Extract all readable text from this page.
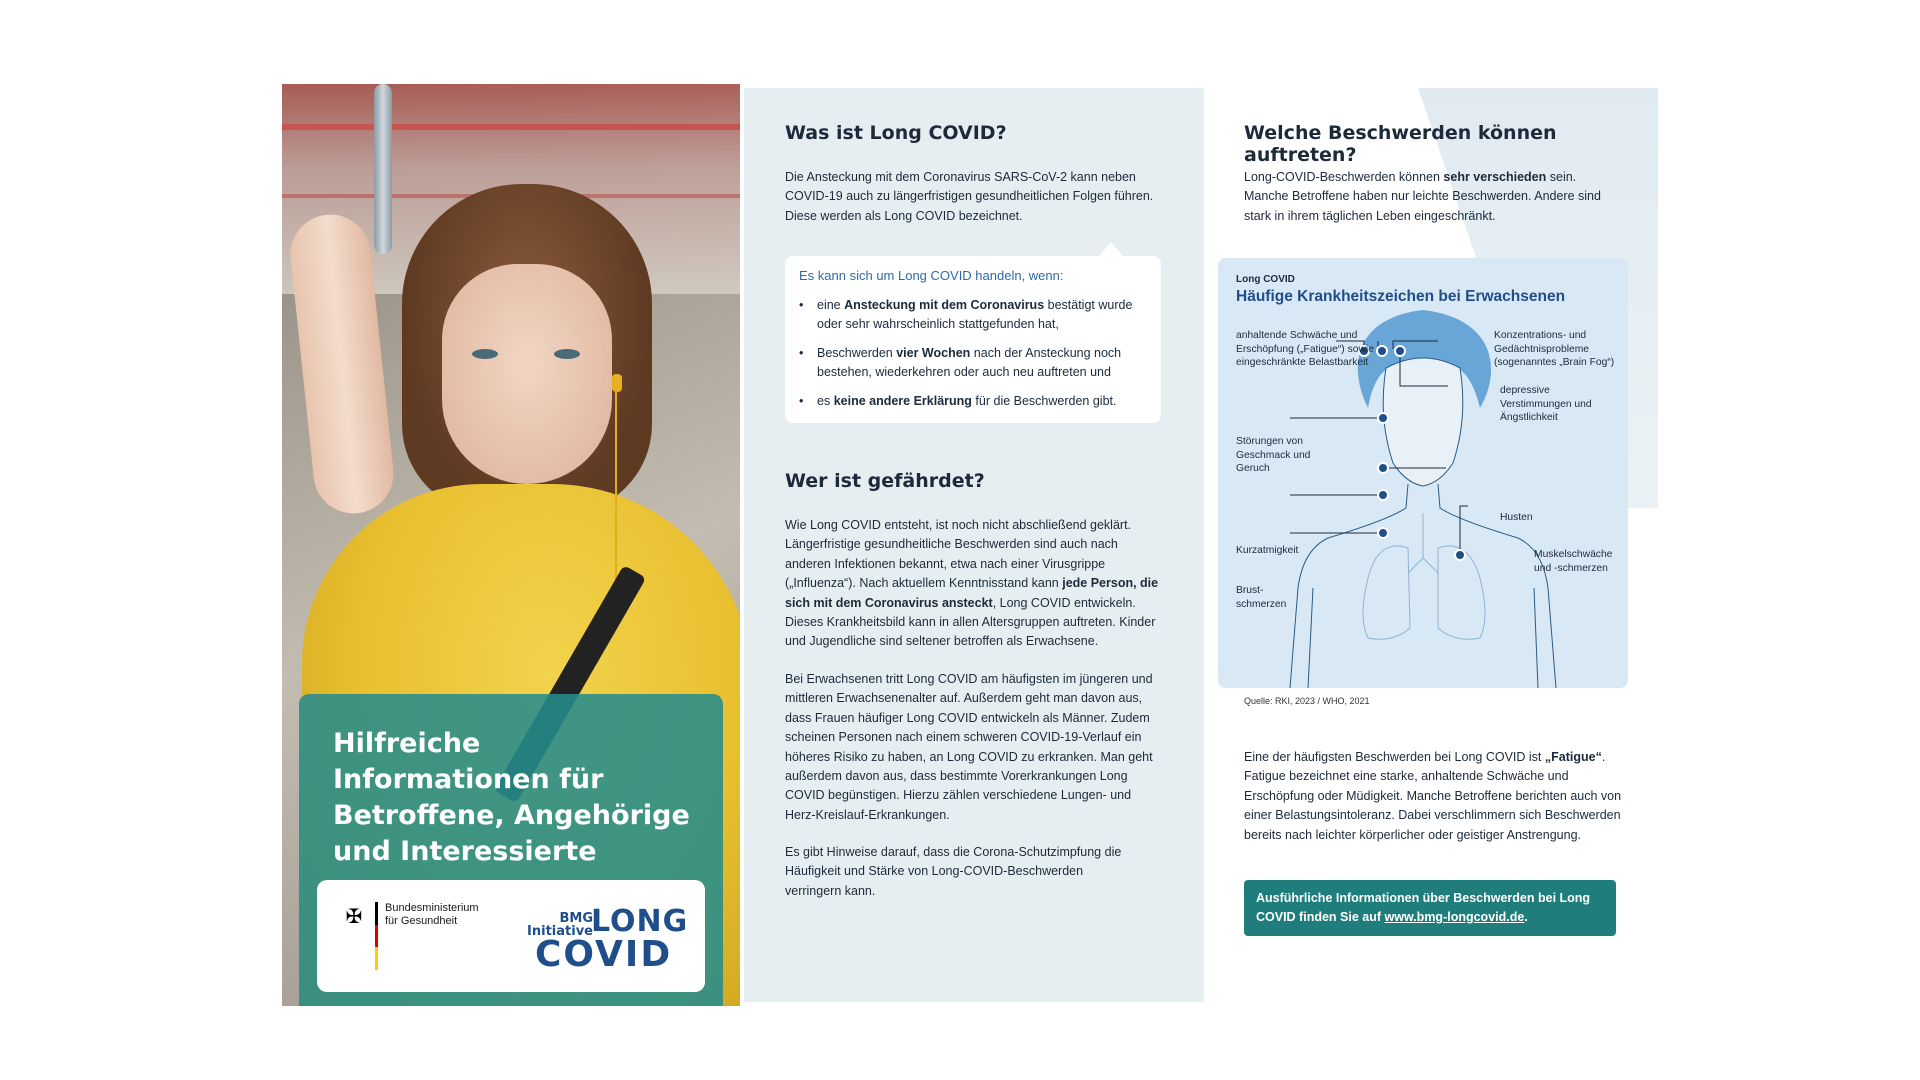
Hilfreiche Informationen für Betroffene, Angehörige und Interessierte
✠ Bundesministerium
für Gesundheit	BMG Initiative
LONG
COVID
Was ist Long COVID?
Die Ansteckung mit dem Coronavirus SARS-CoV-2 kann neben COVID-19 auch zu längerfristigen gesundheitlichen Folgen führen. Diese werden als Long COVID bezeichnet.
Es kann sich um Long COVID handeln, wenn:
• eine Ansteckung mit dem Coronavirus bestätigt wurde oder sehr wahrscheinlich stattgefunden hat,
• Beschwerden vier Wochen nach der Ansteckung noch bestehen, wiederkehren oder auch neu auftreten und
• es keine andere Erklärung für die Beschwerden gibt.
Wer ist gefährdet?
Wie Long COVID entsteht, ist noch nicht abschließend geklärt. Längerfristige gesundheitliche Beschwerden sind auch nach anderen Infektionen bekannt, etwa nach einer Virusgrippe („Influenza“). Nach aktuellem Kenntnisstand kann jede Person, die sich mit dem Coronavirus ansteckt, Long COVID entwickeln. Dieses Krankheitsbild kann in allen Altersgruppen auftreten. Kinder und Jugendliche sind seltener betroffen als Erwachsene.
Bei Erwachsenen tritt Long COVID am häufigsten im jüngeren und mittleren Erwachsenenalter auf. Außerdem geht man davon aus, dass Frauen häufiger Long COVID entwickeln als Männer. Zudem scheinen Personen nach einem schweren COVID-19-Verlauf ein höheres Risiko zu haben, an Long COVID zu erkranken. Man geht außerdem davon aus, dass bestimmte Vorerkrankungen Long COVID begünstigen. Hierzu zählen verschiedene Lungen- und Herz-Kreislauf-Erkrankungen.
Es gibt Hinweise darauf, dass die Corona-Schutzimpfung die Häufigkeit und Stärke von Long-COVID-Beschwerden verringern kann.
Welche Beschwerden können auftreten?
Long-COVID-Beschwerden können sehr verschieden sein. Manche Betroffene haben nur leichte Beschwerden. Andere sind stark in ihrem täglichen Leben eingeschränkt.
Long COVID
Häufige Krankheitszeichen bei Erwachsenen
anhaltende Schwäche und Erschöpfung („Fatigue“) sowie eingeschränkte Belastbarkeit
Konzentrations- und Gedächtnisprobleme (sogenanntes „Brain Fog“)
depressive Verstimmungen und Ängstlichkeit
Störungen von Geschmack und Geruch
Husten
Kurzatmigkeit	Muskelschwäche und -schmerzen
Brust-schmerzen
Quelle: RKI, 2023 / WHO, 2021
Eine der häufigsten Beschwerden bei Long COVID ist „Fatigue“. Fatigue bezeichnet eine starke, anhaltende Schwäche und Erschöpfung oder Müdigkeit. Manche Betroffene berichten auch von einer Belastungsintoleranz. Dabei verschlimmern sich Beschwerden bereits nach leichter körperlicher oder geistiger Anstrengung.
Ausführliche Informationen über Beschwerden bei Long COVID finden Sie auf www.bmg-longcovid.de.
